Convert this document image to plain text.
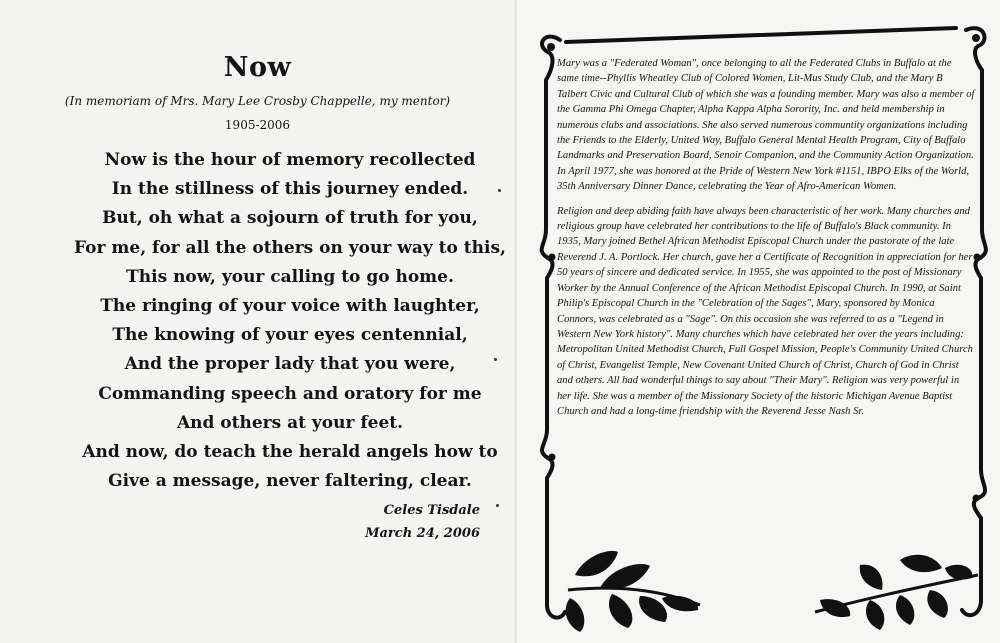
Now
(In memoriam of Mrs. Mary Lee Crosby Chappelle, my mentor)
1905-2006
Now is the hour of memory recollected
In the stillness of this journey ended.
But, oh what a sojourn of truth for you,
For me, for all the others on your way to this,
This now, your calling to go home.
The ringing of your voice with laughter,
The knowing of your eyes centennial,
And the proper lady that you were,
Commanding speech and oratory for me
And others at your feet.
And now, do teach the herald angels how to
Give a message, never faltering, clear.
Celes Tisdale
March 24, 2006

Mary was a "Federated Woman", once belonging to all the Federated Clubs in Buffalo at the same time--Phyllis Wheatley Club of Colored Women, Lit-Mus Study Club, and the Mary B Talbert Civic and Cultural Club of which she was a founding member. Mary was also a member of the Gamma Phi Omega Chapter, Alpha Kappa Alpha Sorority, Inc. and held membership in numerous clubs and associations. She also served numerous communtity organizations including the Friends to the Elderly, United Way, Buffalo General Mental Health Program, City of Buffalo Landmarks and Preservation Board, Senoir Companion, and the Community Action Organization. In April 1977, she was honored at the Pride of Western New York #1151, IBPO Elks of the World, 35th Anniversary Dinner Dance, celebrating the Year of Afro-American Women.

Religion and deep abiding faith have always been characteristic of her work. Many churches and religious group have celebrated her contributions to the life of Buffalo's Black community. In 1935, Mary joined Bethel African Methodist Episcopal Church under the pastorate of the late Reverend J. A. Portlock. Her church, gave her a Certificate of Recognition in appreciation for her 50 years of sincere and dedicated service. In 1955, she was appointed to the post of Missionary Worker by the Annual Conference of the African Methodist Episcopal Church. In 1990, at Saint Philip's Episcopal Church in the "Celebration of the Sages", Mary, sponsored by Monica Connors, was celebrated as a "Sage". On this occasion she was referred to as a "Legend in Western New York history". Many churches which have celebrated her over the years including: Metropolitan United Methodist Church, Full Gospel Mission, People's Community United Church of Christ, Evangelist Temple, New Covenant United Church of Christ, Church of God in Christ and others. All had wonderful things to say about "Their Mary". Religion was very powerful in her life. She was a member of the Missionary Society of the historic Michigan Avenue Baptist Church and had a long-time friendship with the Reverend Jesse Nash Sr.
